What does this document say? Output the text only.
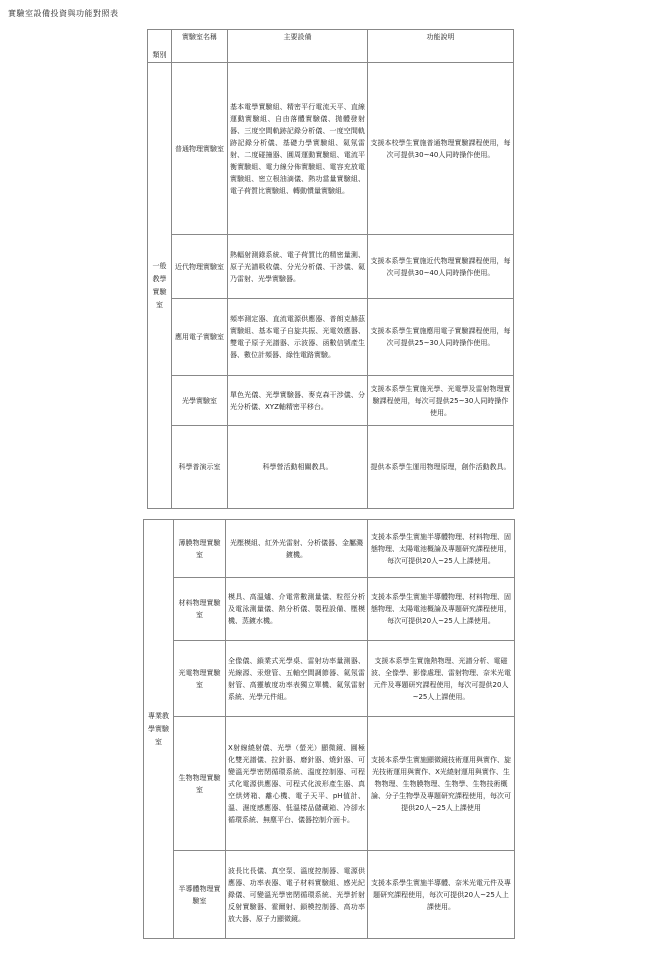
實驗室設備投資與功能對照表
類別	實驗室名稱	主要設備	功能說明
一般教學實驗室	普通物理實驗室	基本電學實驗組、精密平行電流天平、直線運動實驗組、自由落體實驗儀、拋體發射器、三度空間軌跡記錄分析儀、一度空間軌跡記錄分析儀、基礎力學實驗組、氦氖雷射、二度碰撞器、圓周運動實驗組、電流平衡實驗組、電力線分佈實驗組、電容充放電實驗組、密立根油滴儀、熱功當量實驗組、電子荷質比實驗組、轉動慣量實驗組。	支援本校學生實施普通物理實驗課程使用，每次可提供30~40人同時操作使用。
	近代物理實驗室	熱輻射測錄系統、電子荷質比的精密量測、原子光譜吸收儀、分光分析儀、干涉儀、氦乃雷射、光學實驗器。	支援本系學生實施近代物理實驗課程使用，每次可提供30~40人同時操作使用。
	應用電子實驗室	頻率測定器、直流電源供應器、普朗克赫茲實驗組、基本電子自旋共振、光電效應器、雙電子原子光譜器、示波器、函數信號產生器、數位計頻器、綠性電路實驗。	支援本系學生實施應用電子實驗課程使用，每次可提供25~30人同時操作使用。
	光學實驗室	單色光儀、光學實驗器、麥克森干涉儀、分光分析儀、XYZ軸精密平移台。	支援本系學生實施光學、光電學及雷射物理實驗課程使用，每次可提供25~30人同時操作使用。
	科學普演示室	科學營活動相關教具。	提供本系學生運用物理原理，創作活動教具。
專業教學實驗室	薄膜物理實驗室	光壓模組、紅外光雷射、分析儀器、金屬濺鍍機。	支援本系學生實施半導體物理、材料物理、固態物理、太陽電池概論及專題研究課程使用，每次可提供20人~25人上課使用。
	材料物理實驗室	模具、高溫爐、介電常數測量儀、粒徑分析及電泳測量儀、熱分析儀、製程設備、壓模機、蒸鍍水機。	支援本系學生實施半導體物理、材料物理、固態物理、太陽電池概論及專題研究課程使用，每次可提供20人~25人上課使用。
	光電物理實驗室	全像儀、鎖業式光學桌、雷射功率量測器、光線源、汞燈管、五軸空間調節器、氦氖雷射管、高靈敏度功率表獨立單機、氦氖雷射系統、光學元件組。	支援本系學生實施熱物理、光譜分析、電磁波、全像學、影像處理、雷射物理、奈米光電元件及專題研究課程使用，每次可提供20人~25人上課使用。
	生物物理實驗室	X射線繞射儀、光學（螢光）顯微鏡、圓極化雙光譜儀、拉針器、磨針器、燒針器、可變溫光學密閉循環系統、溫度控制器、可程式化電源供應器、可程式化波形產生器、真空烘烤箱、離心機、電子天平、pH值計、溫、濕度感應器、低溫樣品儲藏箱、冷卻水循環系統、無塵平台、儀器控制介面卡。	支援本系學生實施顯微鏡技術運用與實作、旋光技術運用與實作、X光繞射運用與實作、生物物理、生物膜物理、生物學、生物技術概論、分子生物學及專題研究課程使用，每次可提供20人~25人上課使用
	半導體物理實驗室	波長比長儀、真空泵、溫度控制器、電源供應器、功率表器、電子材料實驗組、感光紀錄儀、可變溫光學密閉循環系統、光學折射反射實驗器、霍爾射、鎖模控制器、高功率放大器、原子力顯微鏡。	支援本系學生實施半導體、奈米光電元件及專題研究課程使用，每次可提供20人~25人上課使用。
